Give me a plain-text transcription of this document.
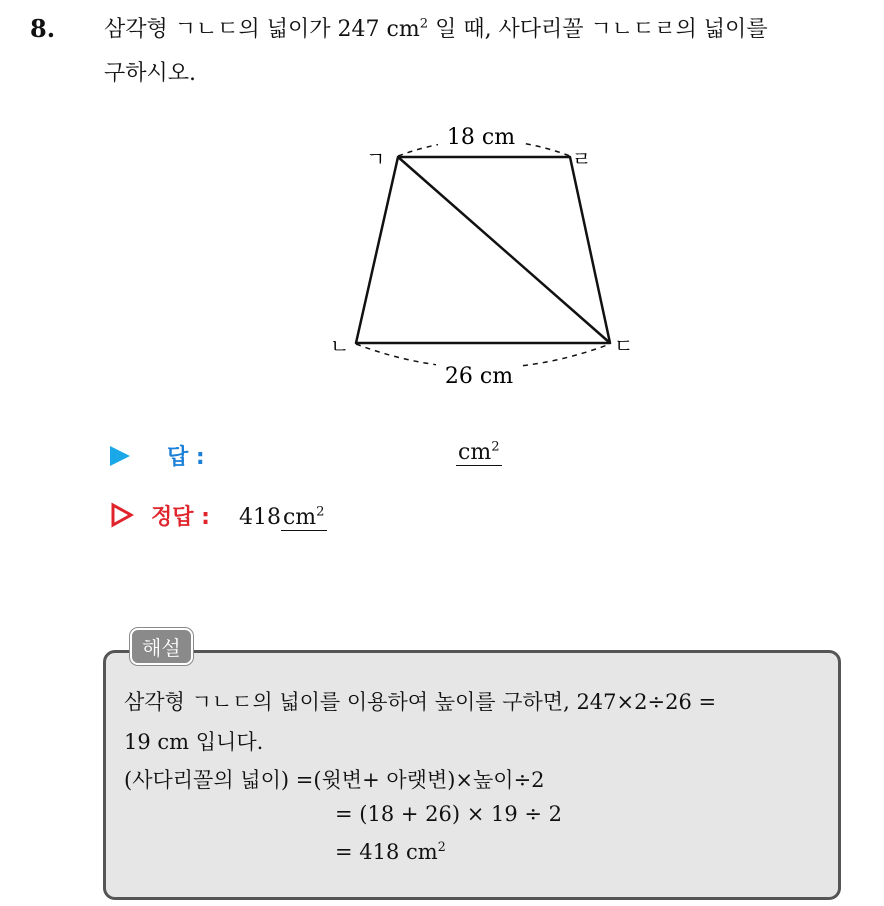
8. 삼각형 ㄱㄴㄷ의 넓이가 247 $cm^2$ 일 때, 사다리꼴 ㄱㄴㄷㄹ의 넓이를
구하시오.
18 cm
26 cm
ㄱ	ㄹ
ㄴ	ㄷ
답 :	$cm^2$
정답 : $418cm^2$
해설
삼각형 ㄱㄴㄷ의 넓이를 이용하여 높이를 구하면, 247×2÷26 =
19 cm 입니다.
(사다리꼴의 넓이) =(윗변+ 아랫변)×높이÷2
= (18 + 26) × 19 ÷ 2
= 418 $cm^2$
